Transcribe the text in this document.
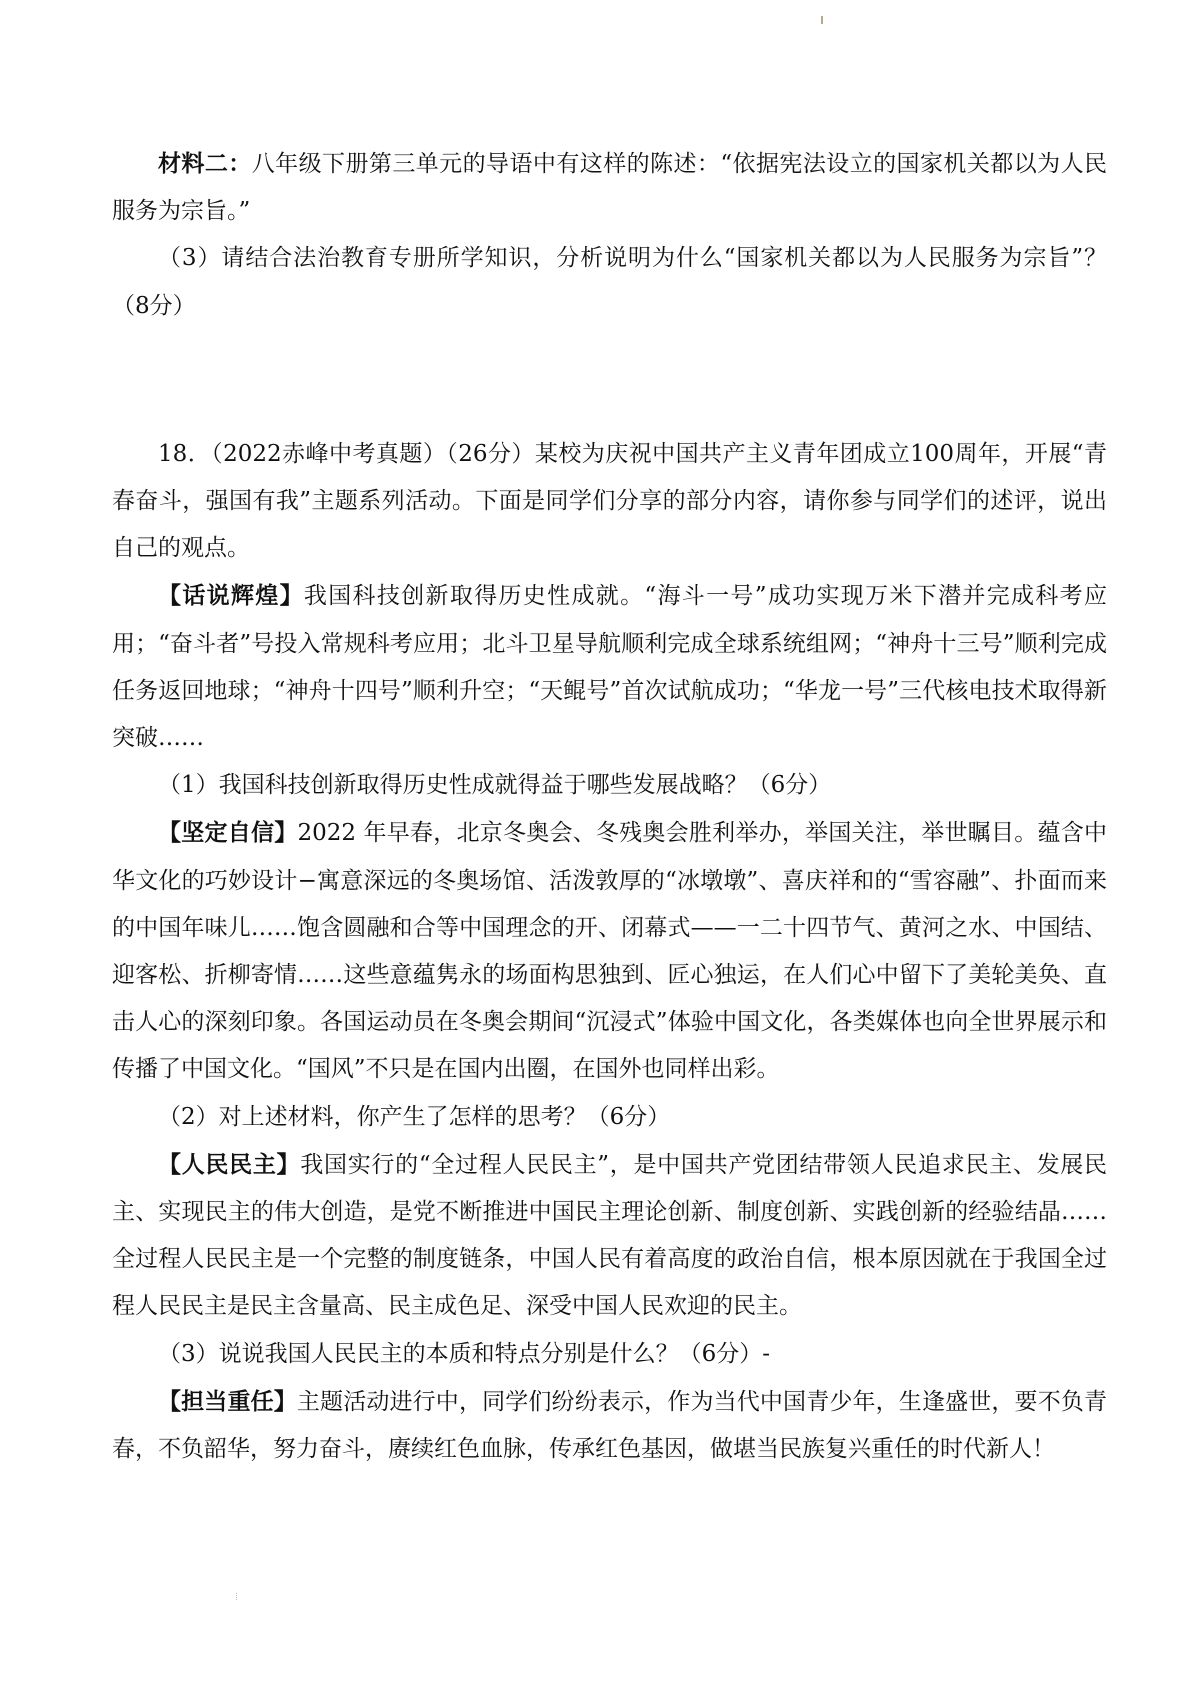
材料二：八年级下册第三单元的导语中有这样的陈述：“依据宪法设立的国家机关都以为人民服务为宗旨。”

（3）请结合法治教育专册所学知识，分析说明为什么“国家机关都以为人民服务为宗旨”？（8分）

18．（2022赤峰中考真题）（26分）某校为庆祝中国共产主义青年团成立100周年，开展“青春奋斗，强国有我”主题系列活动。下面是同学们分享的部分内容，请你参与同学们的述评，说出自己的观点。

【话说辉煌】我国科技创新取得历史性成就。“海斗一号”成功实现万米下潜并完成科考应用；“奋斗者”号投入常规科考应用；北斗卫星导航顺利完成全球系统组网；“神舟十三号”顺利完成任务返回地球；“神舟十四号”顺利升空；“天鲲号”首次试航成功；“华龙一号”三代核电技术取得新突破……

（1）我国科技创新取得历史性成就得益于哪些发展战略？（6分）

【坚定自信】2022 年早春，北京冬奥会、冬残奥会胜利举办，举国关注，举世瞩目。蕴含中华文化的巧妙设计−寓意深远的冬奥场馆、活泼敦厚的“冰墩墩”、喜庆祥和的“雪容融”、扑面而来的中国年味儿……饱含圆融和合等中国理念的开、闭幕式——一二十四节气、黄河之水、中国结、迎客松、折柳寄情……这些意蕴隽永的场面构思独到、匠心独运，在人们心中留下了美轮美奂、直击人心的深刻印象。各国运动员在冬奥会期间“沉浸式”体验中国文化，各类媒体也向全世界展示和传播了中国文化。“国风”不只是在国内出圈，在国外也同样出彩。

（2）对上述材料，你产生了怎样的思考？（6分）

【人民民主】我国实行的“全过程人民民主”，是中国共产党团结带领人民追求民主、发展民主、实现民主的伟大创造，是党不断推进中国民主理论创新、制度创新、实践创新的经验结晶……全过程人民民主是一个完整的制度链条，中国人民有着高度的政治自信，根本原因就在于我国全过程人民民主是民主含量高、民主成色足、深受中国人民欢迎的民主。

（3）说说我国人民民主的本质和特点分别是什么？（6分）-

【担当重任】主题活动进行中，同学们纷纷表示，作为当代中国青少年，生逢盛世，要不负青春，不负韶华，努力奋斗，赓续红色血脉，传承红色基因，做堪当民族复兴重任的时代新人！
